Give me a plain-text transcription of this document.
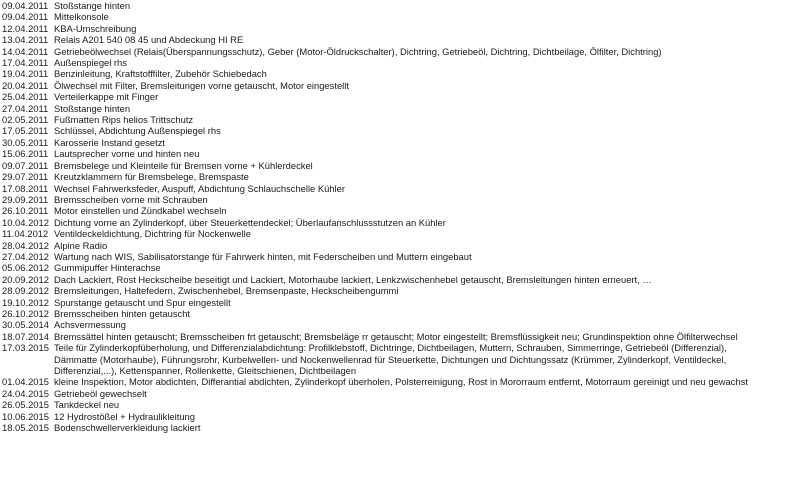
09.04.2011 Stoßstange hinten
09.04.2011 Mittelkonsole
12.04.2011 KBA-Umschreibung
13.04.2011 Relais A201 540 08 45 und Abdeckung HI RE
14.04.2011 Getriebeölwechsel (Relais(Überspannungsschutz), Geber (Motor-Öldruckschalter), Dichtring, Getriebeöl, Dichtring, Dichtbeilage, Ölfilter, Dichtring)
17.04.2011 Außenspiegel rhs
19.04.2011 Benzinleitung, Kraftstofffilter, Zubehör Schiebedach
20.04.2011 Ölwechsel mit Filter, Bremsleitungen vorne getauscht, Motor eingestellt
25.04.2011 Verteilerkappe mit Finger
27.04.2011 Stoßstange hinten
02.05.2011 Fußmatten Rips helios Trittschutz
17.05.2011 Schlüssel, Abdichtung Außenspiegel rhs
30.05.2011 Karosserie Instand gesetzt
15.06.2011 Lautsprecher vorne und hinten neu
09.07.2011 Bremsbelege und Kleinteile für Bremsen vorne + Kühlerdeckel
29.07.2011 Kreutzklammern für Bremsbelege, Bremspaste
17.08.2011 Wechsel Fahrwerksfeder, Auspuff, Abdichtung Schlauchschelle Kühler
29.09.2011 Bremsscheiben vorne mit Schrauben
26.10.2011 Motor einstellen und Zündkabel wechseln
10.04.2012 Dichtung vorne an Zylinderkopf, über Steuerkettendeckel; Überlaufanschlussstutzen an Kühler
11.04.2012 Ventildeckeldichtung, Dichtring für Nockenwelle
28.04.2012 Alpine Radio
27.04.2012 Wartung nach WIS, Sabilisatorstange für Fahrwerk hinten, mit Federscheiben und Muttern eingebaut
05.06.2012 Gummipuffer Hinterachse
20.09.2012 Dach Lackiert, Rost Heckscheibe beseitigt und Lackiert, Motorhaube lackiert, Lenkzwischenhebel getauscht, Bremsleitungen hinten erneuert, …
28.09.2012 Bremsleitungen, Haltefedern, Zwischenhebel, Bremsenpaste, Heckscheibengummi
19.10.2012 Spurstange getauscht und Spur eingestellt
26.10.2012 Bremsscheiben hinten getauscht
30.05.2014 Achsvermessung
18.07.2014 Bremssättel hinten getauscht; Bremsscheiben frt getauscht; Bremsbeläge rr getauscht; Motor eingestellt; Bremsflüssigkeit neu; Grundinspektion ohne Ölfilterwechsel
17.03.2015 Teile für Zylinderkopfüberholung, und Differenzialabdichtung: Profilklebstoff, Dichtringe, Dichtbeilagen, Muttern, Schrauben, Simmerringe, Getriebeöl (Differenzial),
Dämmatte (Motorhaube), Führungsrohr, Kurbelwellen- und Nockenwellenrad für Steuerkette, Dichtungen und Dichtungssatz (Krümmer, Zylinderkopf, Ventildeckel,
Differenzial,...), Kettenspanner, Rollenkette, Gleitschienen, Dichtbeilagen
01.04.2015 kleine Inspektion, Motor abdichten, Differantial abdichten, Zylinderkopf überholen, Polsterreinigung, Rost in Mororraum entfernt, Motorraum gereinigt und neu gewachst
24.04.2015 Getriebeöl gewechselt
26.05.2015 Tankdeckel neu
10.06.2015 12 Hydrostößel + Hydraulikleitung
18.05.2015 Bodenschwellerverkleidung lackiert
